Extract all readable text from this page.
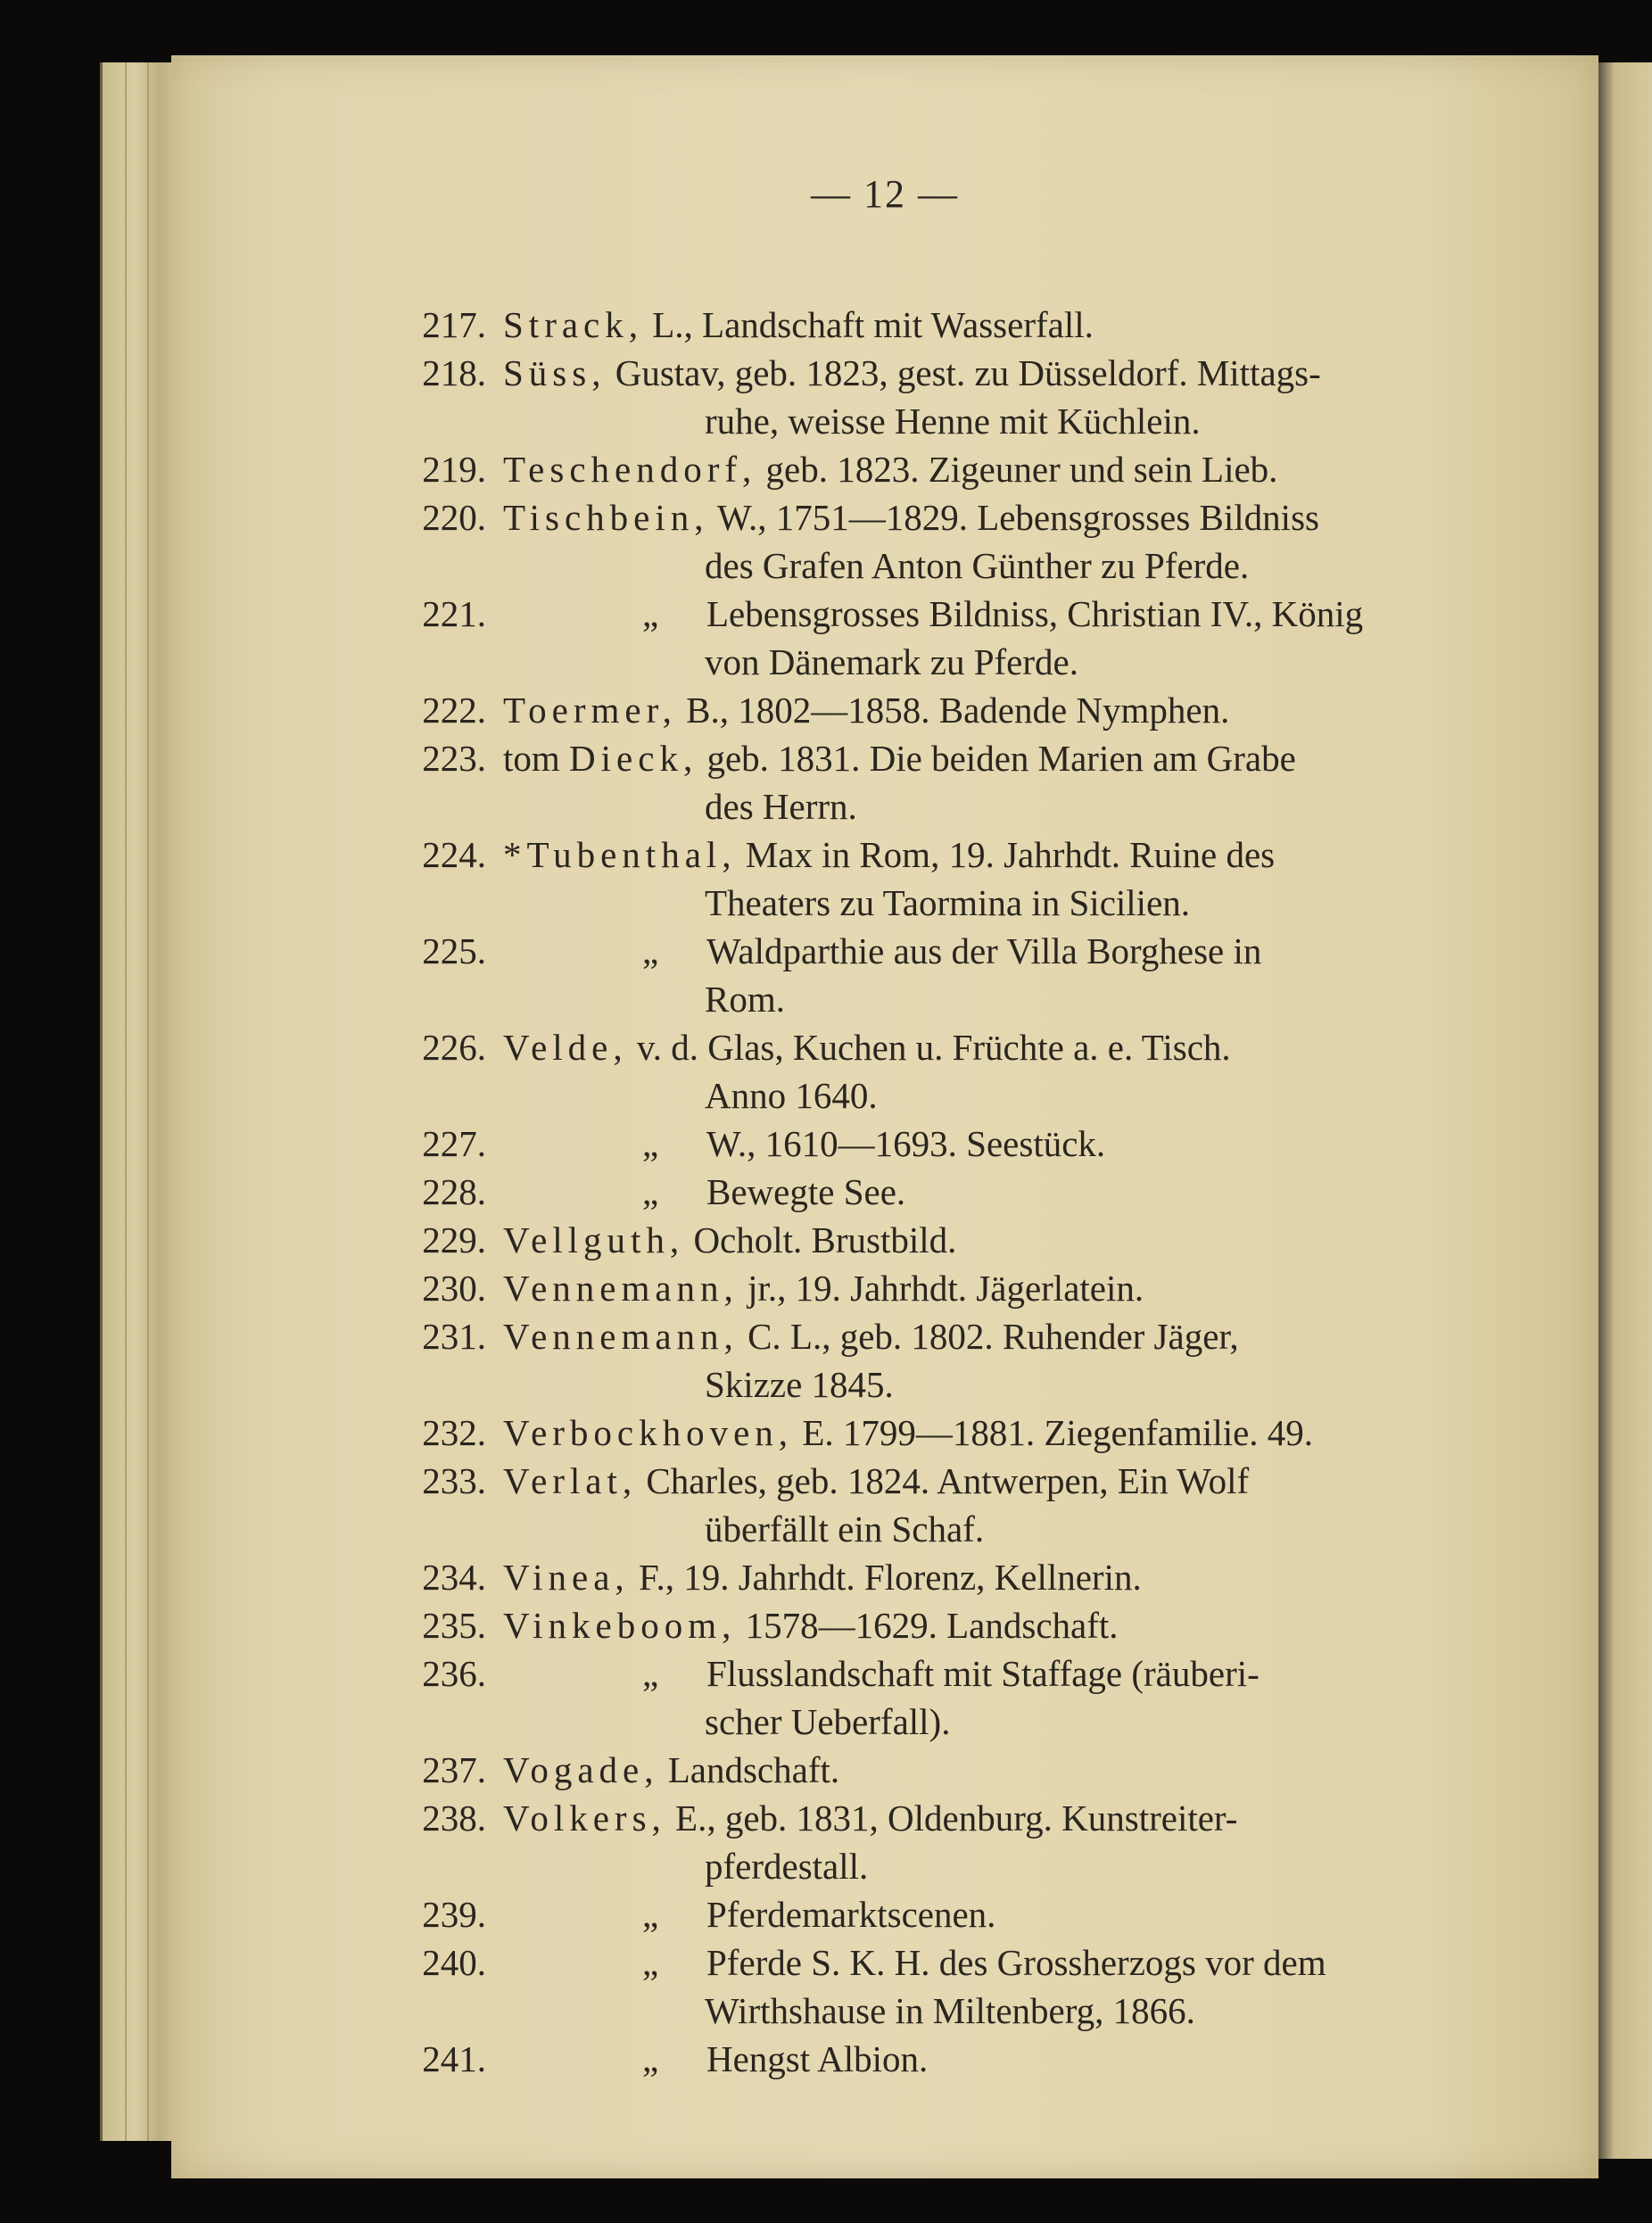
— 12 —
217. Strack, L., Landschaft mit Wasserfall.
218. Süss, Gustav, geb. 1823, gest. zu Düsseldorf. Mittags-
ruhe, weisse Henne mit Küchlein.
219. Teschendorf, geb. 1823. Zigeuner und sein Lieb.
220. Tischbein, W., 1751—1829. Lebensgrosses Bildniss
des Grafen Anton Günther zu Pferde.
221.	„ Lebensgrosses Bildniss, Christian IV., König
von Dänemark zu Pferde.
222. Toermer, B., 1802—1858. Badende Nymphen.
223. tom Dieck, geb. 1831. Die beiden Marien am Grabe
des Herrn.
224. *Tubenthal, Max in Rom, 19. Jahrhdt. Ruine des
Theaters zu Taormina in Sicilien.
225.	„ Waldparthie aus der Villa Borghese in
Rom.
226. Velde, v. d. Glas, Kuchen u. Früchte a. e. Tisch.
Anno 1640.
227.	„ W., 1610—1693. Seestück.
228.	„ Bewegte See.
229. Vellguth, Ocholt. Brustbild.
230. Vennemann, jr., 19. Jahrhdt. Jägerlatein.
231. Vennemann, C. L., geb. 1802. Ruhender Jäger,
Skizze 1845.
232. Verbockhoven, E. 1799—1881. Ziegenfamilie. 49.
233. Verlat, Charles, geb. 1824. Antwerpen, Ein Wolf
überfällt ein Schaf.
234. Vinea, F., 19. Jahrhdt. Florenz, Kellnerin.
235. Vinkeboom, 1578—1629. Landschaft.
236.	„ Flusslandschaft mit Staffage (räuberi-
scher Ueberfall).
237. Vogade, Landschaft.
238. Volkers, E., geb. 1831, Oldenburg. Kunstreiter-
pferdestall.
239.	„ Pferdemarktscenen.
240.	„ Pferde S. K. H. des Grossherzogs vor dem
Wirthshause in Miltenberg, 1866.
241.	„ Hengst Albion.
